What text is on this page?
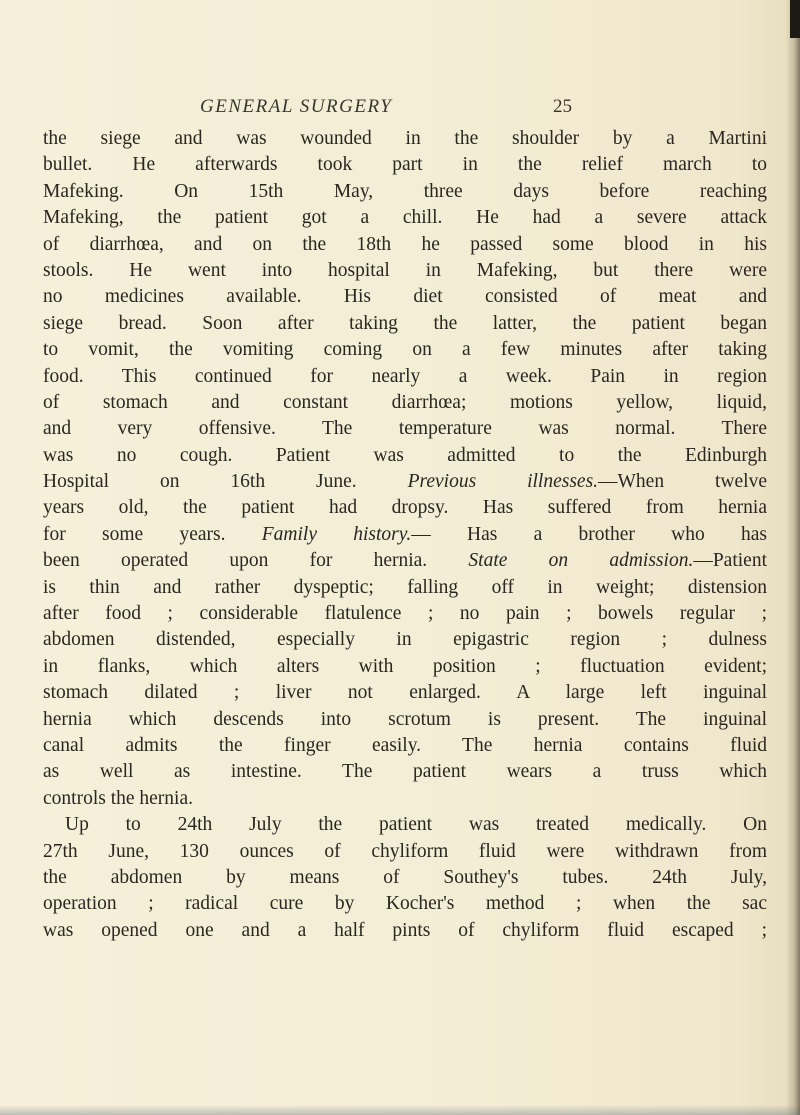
GENERAL SURGERY	25
the siege and was wounded in the shoulder by a Martini
bullet. He afterwards took part in the relief march to
Mafeking. On 15th May, three days before reaching
Mafeking, the patient got a chill. He had a severe attack
of diarrhœa, and on the 18th he passed some blood in his
stools. He went into hospital in Mafeking, but there were
no medicines available. His diet consisted of meat and
siege bread. Soon after taking the latter, the patient began
to vomit, the vomiting coming on a few minutes after taking
food. This continued for nearly a week. Pain in region
of stomach and constant diarrhœa; motions yellow, liquid,
and very offensive. The temperature was normal. There
was no cough. Patient was admitted to the Edinburgh
Hospital on 16th June. Previous illnesses.—When twelve
years old, the patient had dropsy. Has suffered from hernia
for some years. Family history.— Has a brother who has
been operated upon for hernia. State on admission.—Patient
is thin and rather dyspeptic; falling off in weight; distension
after food ; considerable flatulence ; no pain ; bowels regular ;
abdomen distended, especially in epigastric region ; dulness
in flanks, which alters with position ; fluctuation evident;
stomach dilated ; liver not enlarged. A large left inguinal
hernia which descends into scrotum is present. The inguinal
canal admits the finger easily. The hernia contains fluid
as well as intestine. The patient wears a truss which
controls the hernia.
Up to 24th July the patient was treated medically. On
27th June, 130 ounces of chyliform fluid were withdrawn from
the abdomen by means of Southey's tubes. 24th July,
operation ; radical cure by Kocher's method ; when the sac
was opened one and a half pints of chyliform fluid escaped ;
